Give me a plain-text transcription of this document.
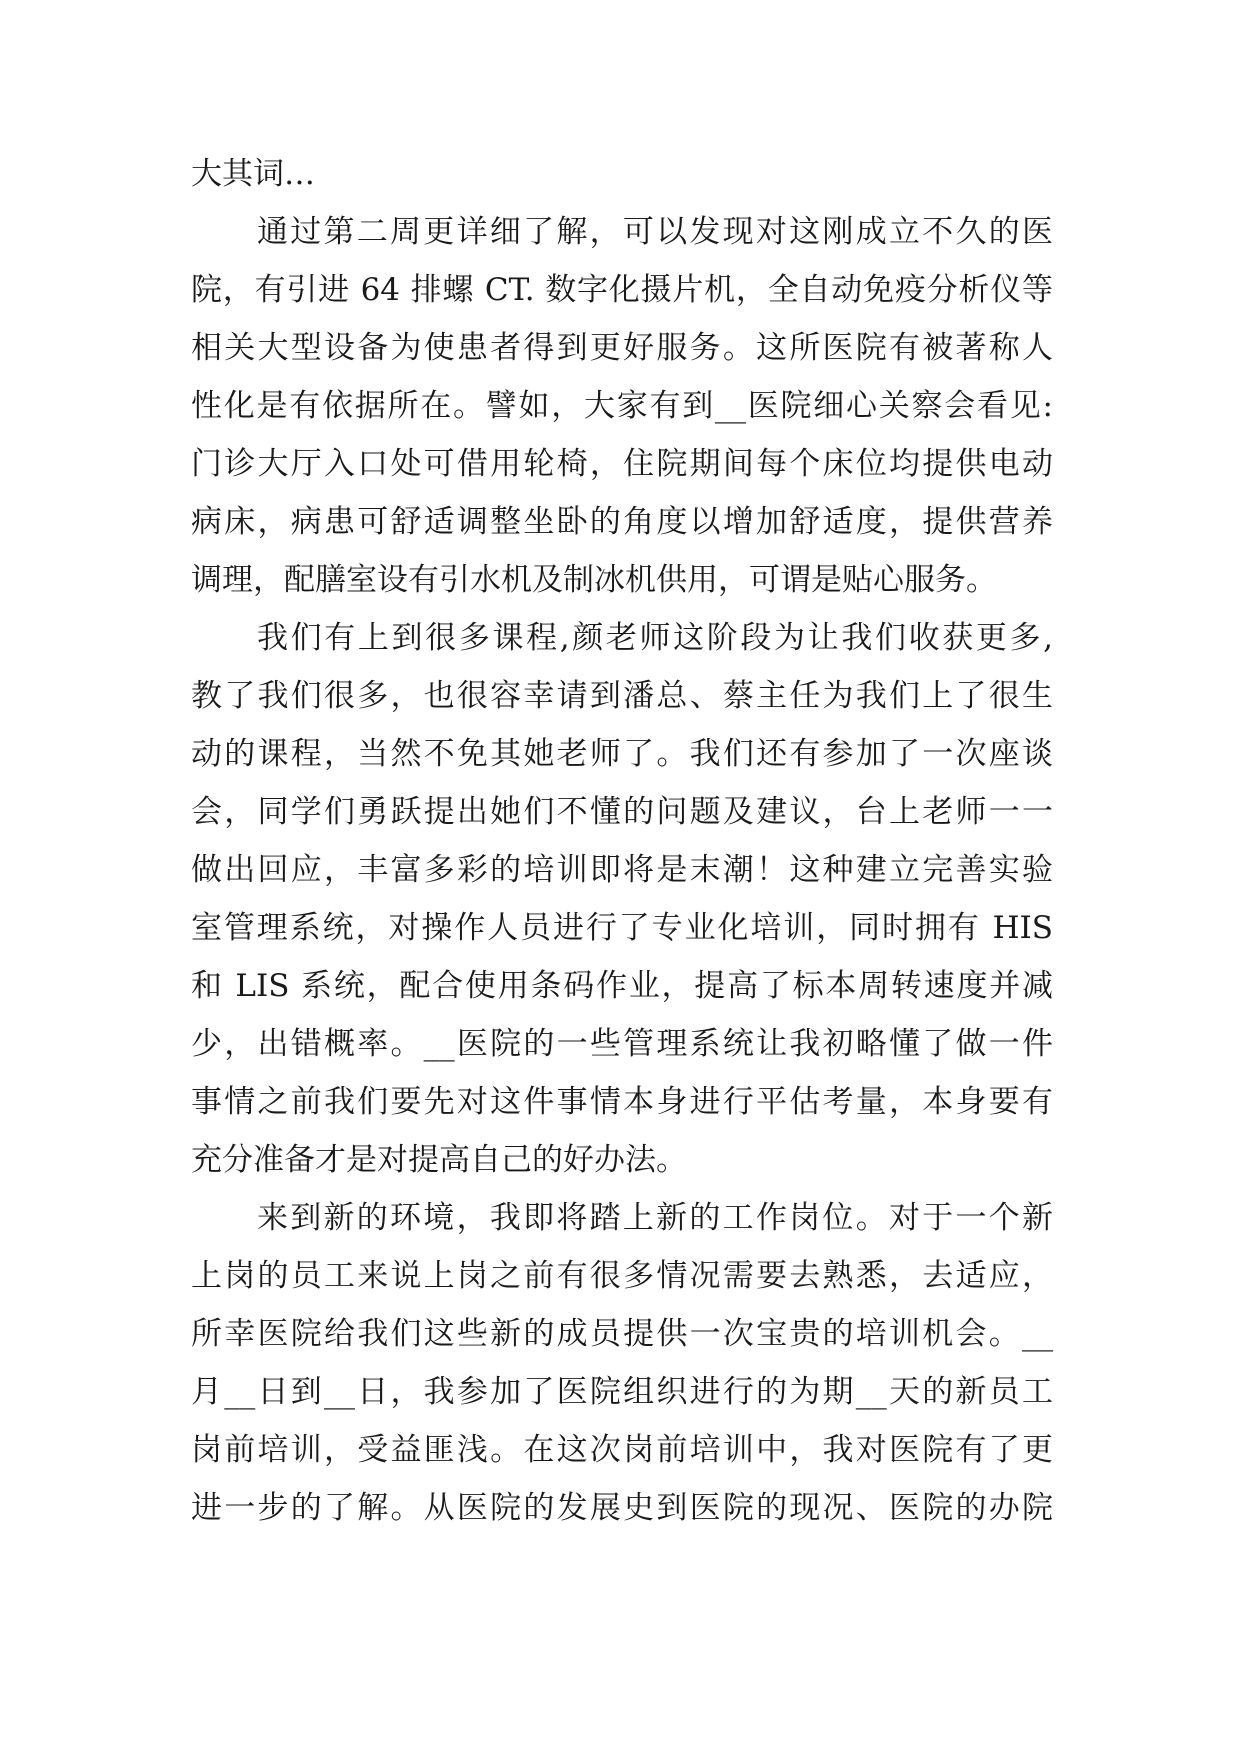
大其词…
通过第二周更详细了解，可以发现对这刚成立不久的医
院，有引进 64 排螺 CT. 数字化摄片机，全自动免疫分析仪等
相关大型设备为使患者得到更好服务。这所医院有被著称人
性化是有依据所在。譬如，大家有到__医院细心关察会看见:
门诊大厅入口处可借用轮椅，住院期间每个床位均提供电动
病床，病患可舒适调整坐卧的角度以增加舒适度，提供营养
调理，配膳室设有引水机及制冰机供用，可谓是贴心服务。
我们有上到很多课程,颜老师这阶段为让我们收获更多,
教了我们很多，也很容幸请到潘总、蔡主任为我们上了很生
动的课程，当然不免其她老师了。我们还有参加了一次座谈
会，同学们勇跃提出她们不懂的问题及建议，台上老师一一
做出回应，丰富多彩的培训即将是末潮！这种建立完善实验
室管理系统，对操作人员进行了专业化培训，同时拥有 HIS
和 LIS 系统，配合使用条码作业，提高了标本周转速度并减
少，出错概率。__医院的一些管理系统让我初略懂了做一件
事情之前我们要先对这件事情本身进行平估考量，本身要有
充分准备才是对提高自己的好办法。
来到新的环境，我即将踏上新的工作岗位。对于一个新
上岗的员工来说上岗之前有很多情况需要去熟悉，去适应，
所幸医院给我们这些新的成员提供一次宝贵的培训机会。__
月__日到__日，我参加了医院组织进行的为期__天的新员工
岗前培训，受益匪浅。在这次岗前培训中，我对医院有了更
进一步的了解。从医院的发展史到医院的现况、医院的办院
